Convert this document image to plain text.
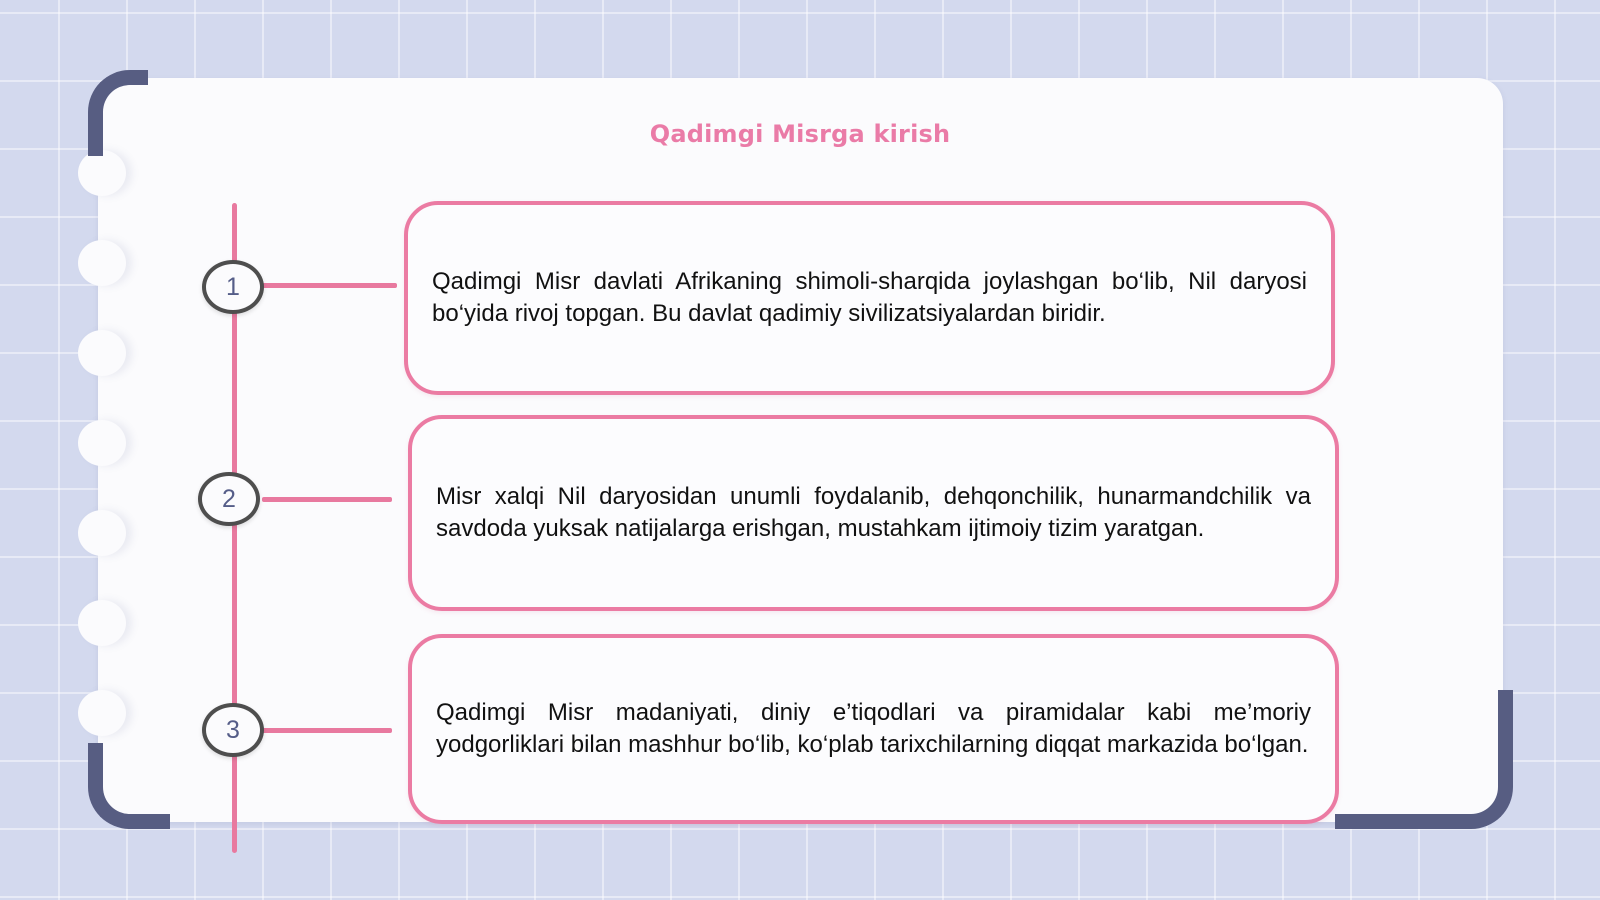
Qadimgi Misrga kirish
1
2
3

Qadimgi Misr davlati Afrikaning shimoli-sharqida joylashgan bo‘lib, Nil daryosi bo‘yida rivoj topgan. Bu davlat qadimiy sivilizatsiyalardan biridir.

Misr xalqi Nil daryosidan unumli foydalanib, dehqonchilik, hunarmandchilik va savdoda yuksak natijalarga erishgan, mustahkam ijtimoiy tizim yaratgan.

Qadimgi Misr madaniyati, diniy e’tiqodlari va piramidalar kabi me’moriy yodgorliklari bilan mashhur bo‘lib, ko‘plab tarixchilarning diqqat markazida bo‘lgan.
